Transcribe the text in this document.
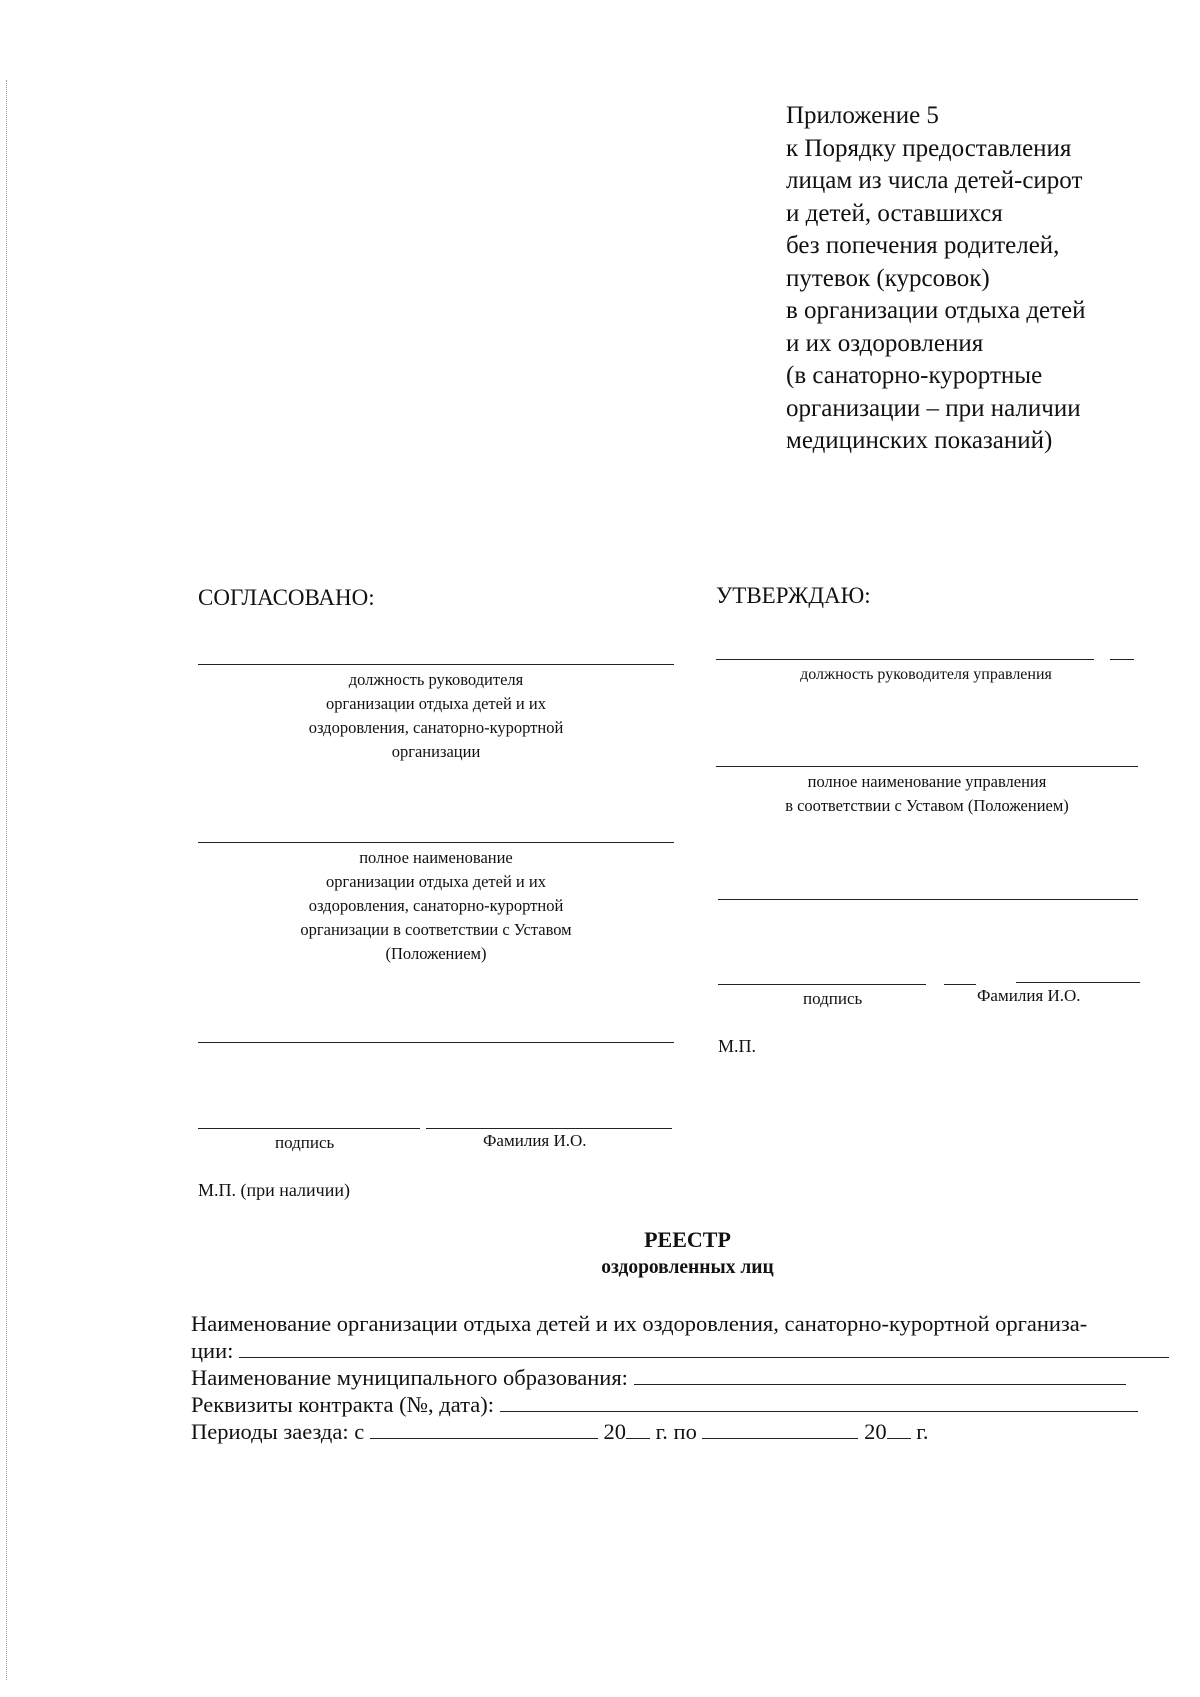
Приложение 5
к Порядку предоставления
лицам из числа детей-сирот
и детей, оставшихся
без попечения родителей,
путевок (курсовок)
в организации отдыха детей
и их оздоровления
(в санаторно-курортные
организации – при наличии
медицинских показаний)
СОГЛАСОВАНО:
должность руководителя
организации отдыха детей и их
оздоровления, санаторно-курортной
организации
полное наименование
организации отдыха детей и их
оздоровления, санаторно-курортной
организации в соответствии с Уставом
(Положением)
подпись	Фамилия И.О.
М.П. (при наличии)
УТВЕРЖДАЮ:
должность руководителя управления
полное наименование управления
в соответствии с Уставом (Положением)
подпись	Фамилия И.О.
М.П.
РЕЕСТР
оздоровленных лиц
Наименование организации отдыха детей и их оздоровления, санаторно-курортной организа-
ции:
Наименование муниципального образования:
Реквизиты контракта (№, дата):
Периоды заезда: с	20 г. по	20 г.
